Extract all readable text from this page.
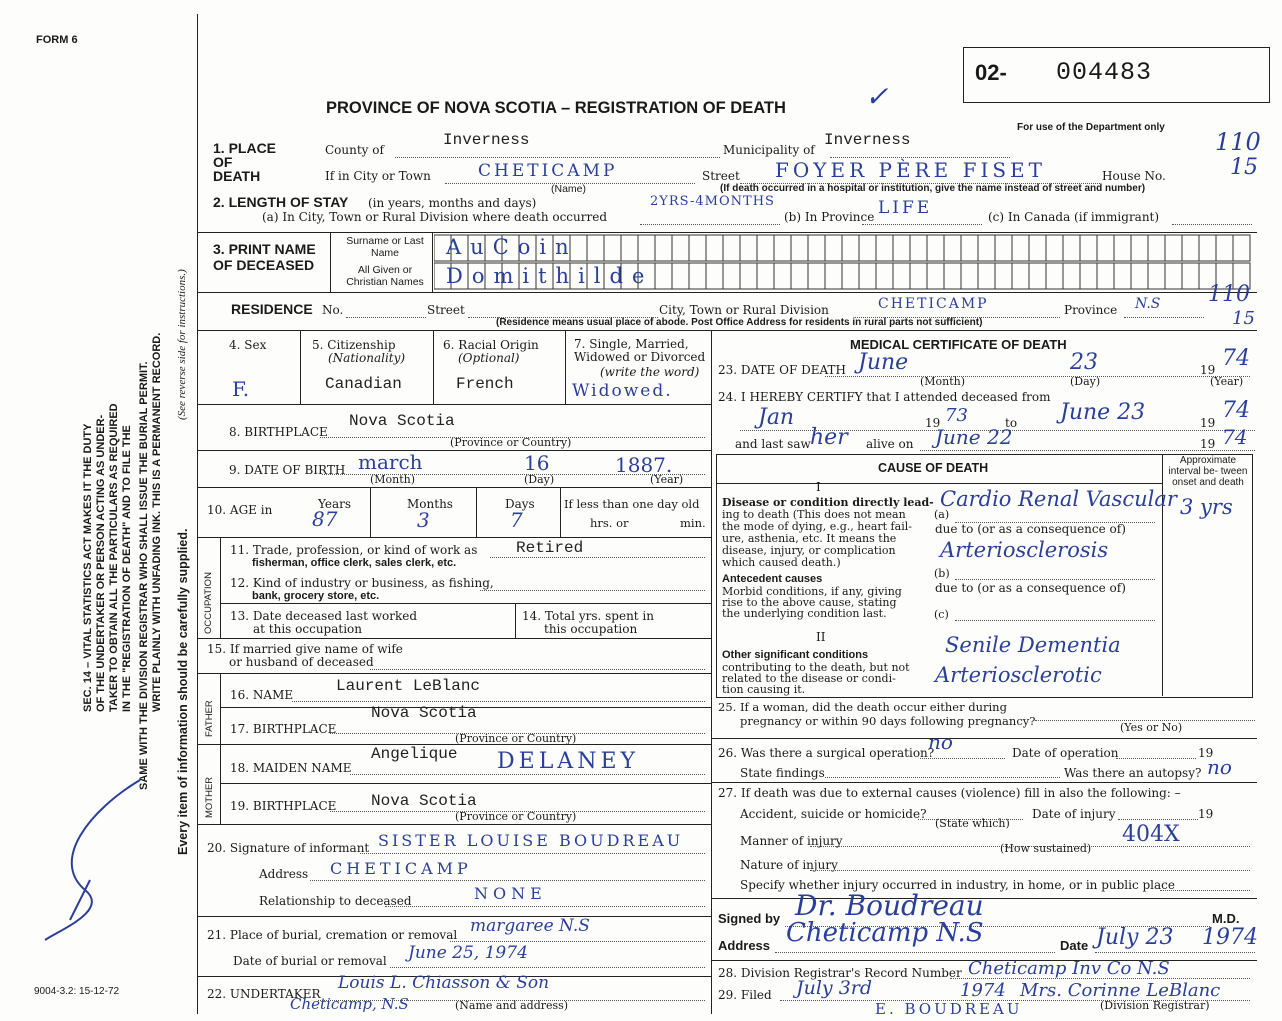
FORM 6
9004-3.2: 15-12-72
SEC. 14 – VITAL STATISTICS ACT MAKES IT THE DUTY OF THE UNDERTAKER OR PERSON ACTING AS UNDER- TAKER TO OBTAIN ALL THE PARTICULARS AS REQUIRED IN THE "REGISTRATION OF DEATH" AND TO FILE THE SAME WITH THE DIVISION REGISTRAR WHO SHALL ISSUE THE BURIAL PERMIT. WRITE PLAINLY WITH UNFADING INK. THIS IS A PERMANENT RECORD. Every item of information should be carefully supplied.
(See reverse side for instructions.)
02- 004483
For use of the Department only
PROVINCE OF NOVA SCOTIA – REGISTRATION OF DEATH	✓
1. PLACE OF DEATH
County of
Inverness
Municipality of
Inverness	110
If in City or Town	CHETICAMP
(Name)
Street FOYER PÈRE FISET	House No.	15
(If death occurred in a hospital or institution, give the name instead of street and number)
2. LENGTH OF STAY (in years, months and days)
(a) In City, Town or Rural Division where death occurred
2YRS-4MONTHS
(b) In Province LIFE	(c) In Canada (if immigrant)
3. PRINT NAME OF DECEASED
Surname or Last Name
All Given or Christian Names
AuCoin
Domithilde
RESIDENCE No.	Street	City, Town or Rural Division	CHETICAMP	Province N.S 110
15
(Residence means usual place of abode. Post Office Address for residents in rural parts not sufficient)
4. Sex
F.
5. Citizenship
(Nationality)
Canadian
6. Racial Origin
(Optional)
French
7. Single, Married, Widowed or Divorced
(write the word)
Widowed.
8. BIRTHPLACE
Nova Scotia
(Province or Country)
9. DATE OF BIRTH march	16	1887.
(Month)	(Day)	(Year)
10. AGE in	Years
87
Months
3
Days
7
If less than one day old
hrs. or	min.
OCCUPATION
11. Trade, profession, or kind of work as
fisherman, office clerk, sales clerk, etc.
Retired
12. Kind of industry or business, as fishing,
bank, grocery store, etc.
13. Date deceased last worked
at this occupation
14. Total yrs. spent in
this occupation
15. If married give name of wife
or husband of deceased
FATHER
16. NAME	Laurent LeBlanc
17. BIRTHPLACE
Nova Scotia
(Province or Country)
MOTHER
18. MAIDEN NAME
Angelique DELANEY
19. BIRTHPLACE Nova Scotia
(Province or Country)
20. Signature of informant SISTER LOUISE BOUDREAU
Address CHETICAMP
Relationship to deceased	NONE
21. Place of burial, cremation or removal margaree N.S
Date of burial or removal June 25, 1974
22. UNDERTAKER
Louis L. Chiasson & Son
Cheticamp, N.S	(Name and address)
MEDICAL CERTIFICATE OF DEATH
23. DATE OF DEATH June	23	19 74
(Month)	(Day)	(Year)
24. I HEREBY CERTIFY that I attended deceased from
Jan	19 73	to June 23	19 74
and last saw her alive on June 22	19 74
CAUSE OF DEATH
Approximate interval be- tween onset and death
I
Disease or condition directly lead-
ing to death (This does not mean
the mode of dying, e.g., heart fail-
ure, asthenia, etc. It means the
disease, injury, or complication
which caused death.)
(a)
Cardio Renal Vascular 3 yrs
due to (or as a consequence of)
Arteriosclerosis
(b)
Antecedent causes
Morbid conditions, if any, giving
rise to the above cause, stating
the underlying condition last.
due to (or as a consequence of)
(c)
II
Other significant conditions
contributing to the death, but not
related to the disease or condi-
tion causing it.
Senile Dementia
Arteriosclerotic
25. If a woman, did the death occur either during
pregnancy or within 90 days following pregnancy?	(Yes or No)
26. Was there a surgical operation?
no	Date of operation	19
State findings	Was there an autopsy? no
27. If death was due to external causes (violence) fill in also the following: –
Accident, suicide or homicide?
(State which)
Date of injury	19
Manner of injury	404X
(How sustained)
Nature of injury
Specify whether injury occurred in industry, in home, or in public place
Signed by Dr. Boudreau	M.D.
Address Cheticamp N.S	Date July 23 1974
28. Division Registrar's Record Number Cheticamp Inv Co N.S
29. Filed July 3rd	1974 Mrs. Corinne LeBlanc
(Division Registrar)
E. BOUDREAU
